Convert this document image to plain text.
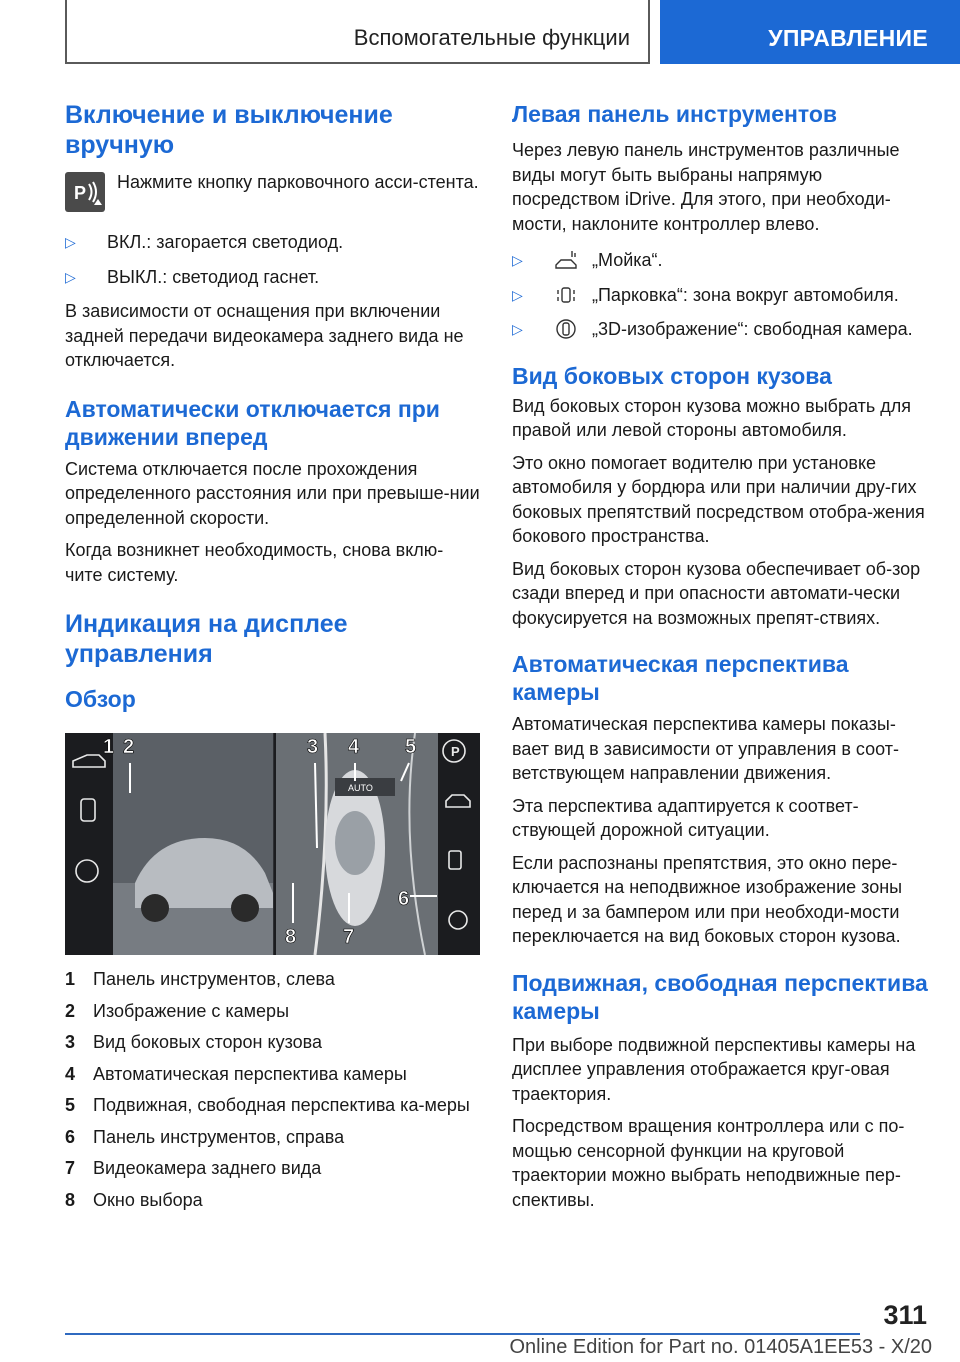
Вспомогательные функции	УПРАВЛЕНИЕ
Включение и выключение вручную
P

Нажмите кнопку парковочного асси-стента.

▷	ВКЛ.: загорается светодиод.
▷	ВЫКЛ.: светодиод гаснет.

В зависимости от оснащения при включении задней передачи видеокамера заднего вида не отключается.

Автоматически отключается при движении вперед

Система отключается после прохождения определенного расстояния или при превыше-нии определенной скорости.

Когда возникнет необходимость, снова вклю-чите систему.

Индикация на дисплее управления
Обзор
AUTO
P
1 2	3 4 5
6
7
8
1 Панель инструментов, слева
2 Изображение с камеры
3 Вид боковых сторон кузова
4 Автоматическая перспектива камеры
5 Подвижная, свободная перспектива ка-меры
6 Панель инструментов, справа
7 Видеокамера заднего вида
8 Окно выбора
Левая панель инструментов

Через левую панель инструментов различные виды могут быть выбраны напрямую посредством iDrive. Для этого, при необходи-мости, наклоните контроллер влево.

▷	„Мойка“.
▷	„Парковка“: зона вокруг автомобиля.
▷	„3D-изображение“: свободная камера.
Вид боковых сторон кузова

Вид боковых сторон кузова можно выбрать для правой или левой стороны автомобиля.

Это окно помогает водителю при установке автомобиля у бордюра или при наличии дру-гих боковых препятствий посредством отобра-жения бокового пространства.

Вид боковых сторон кузова обеспечивает об-зор сзади вперед и при опасности автомати-чески фокусируется на возможных препят-ствиях.

Автоматическая перспектива камеры

Автоматическая перспектива камеры показы-вает вид в зависимости от управления в соот-ветствующем направлении движения.

Эта перспектива адаптируется к соответ-ствующей дорожной ситуации.

Если распознаны препятствия, это окно пере-ключается на неподвижное изображение зоны перед и за бампером или при необходи-мости переключается на вид боковых сторон кузова.

Подвижная, свободная перспектива камеры

При выборе подвижной перспективы камеры на дисплее управления отображается круг-овая траектория.

Посредством вращения контроллера или с по-мощью сенсорной функции на круговой траектории можно выбрать неподвижные пер-спективы.

311
Online Edition for Part no. 01405A1EE53 - X/20
